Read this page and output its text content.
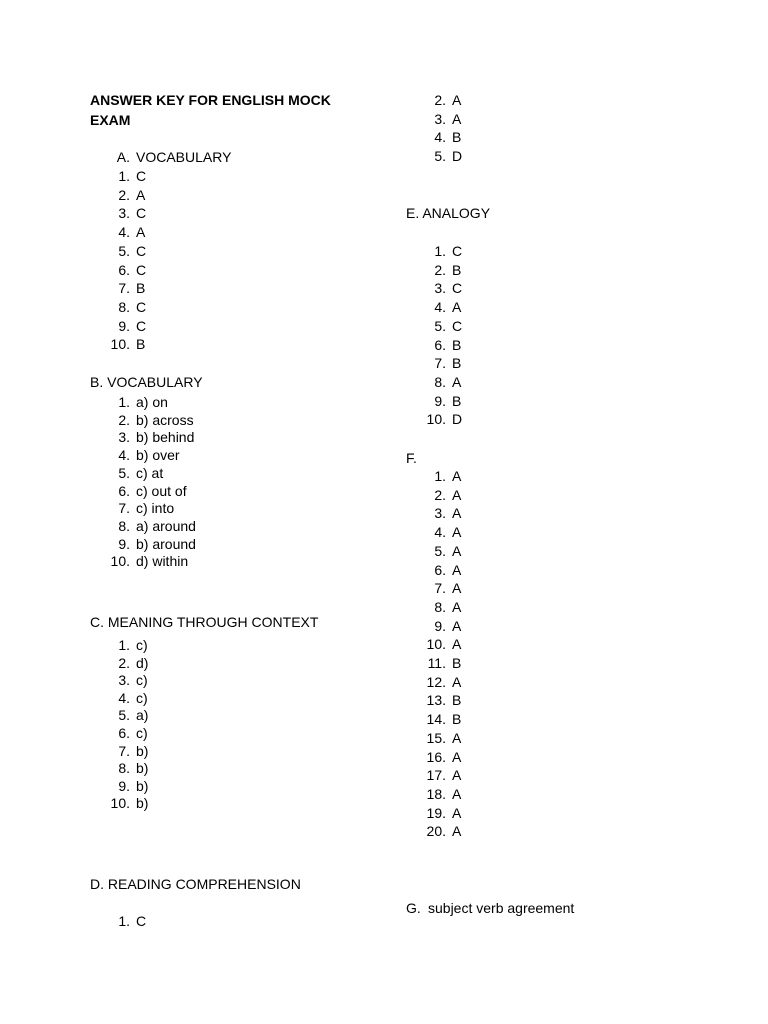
ANSWER KEY FOR ENGLISH MOCK
EXAM
A. VOCABULARY
1. C
2. A
3. C
4. A
5. C
6. C
7. B
8. C
9. C
10. B
B. VOCABULARY
1. a) on
2. b) across
3. b) behind
4. b) over
5. c) at
6. c) out of
7. c) into
8. a) around
9. b) around
10. d) within
C. MEANING THROUGH CONTEXT
1. c)
2. d)
3. c)
4. c)
5. a)
6. c)
7. b)
8. b)
9. b)
10. b)
D. READING COMPREHENSION
1. C
2. A
3. A
4. B
5. D
E. ANALOGY
1. C
2. B
3. C
4. A
5. C
6. B
7. B
8. A
9. B
10. D
F.
1. A
2. A
3. A
4. A
5. A
6. A
7. A
8. A
9. A
10. A
11. B
12. A
13. B
14. B
15. A
16. A
17. A
18. A
19. A
20. A
G. subject verb agreement
